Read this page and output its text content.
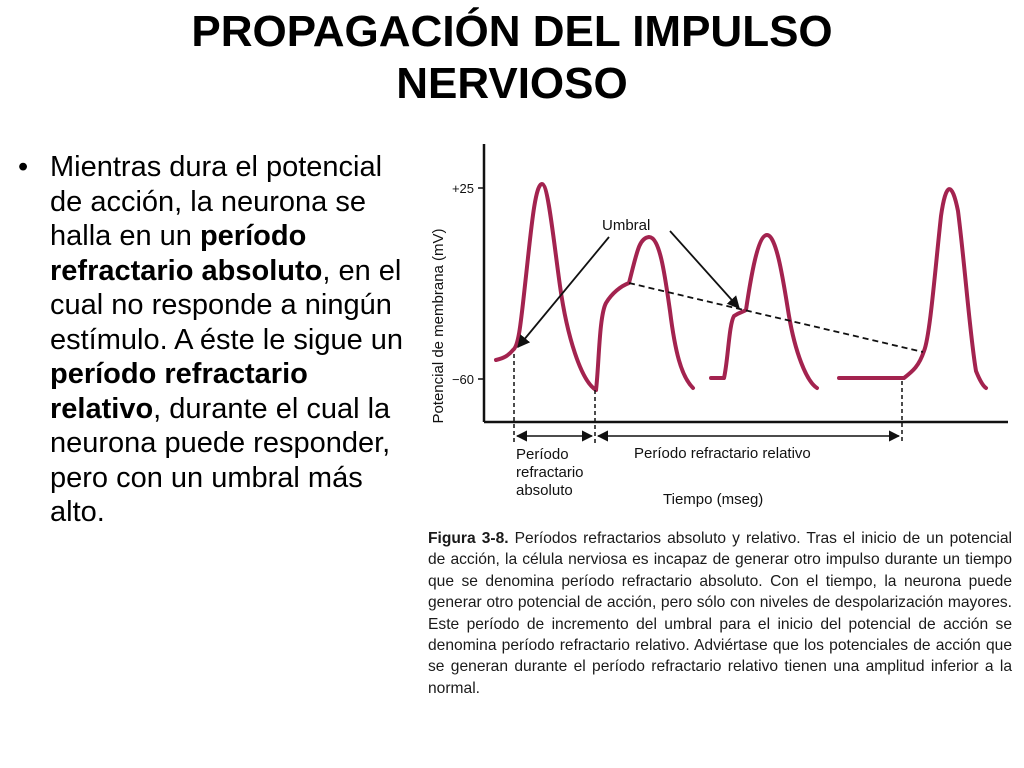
PROPAGACIÓN DEL IMPULSO
NERVIOSO
• Mientras dura el potencial de acción, la neurona se halla en un período refractario absoluto, en el cual no responde a ningún estímulo. A éste le sigue un período refractario relativo, durante el cual la neurona puede responder, pero con un umbral más alto.
+25
−60
Potencial de membrana (mV)
Umbral
Período
refractario
absoluto
Período refractario relativo
Tiempo (mseg)
Figura 3-8. Períodos refractarios absoluto y relativo. Tras el inicio de un potencial de acción, la célula nerviosa es incapaz de generar otro impulso durante un tiempo que se denomina período refractario absoluto. Con el tiempo, la neurona puede generar otro potencial de acción, pero sólo con niveles de despolarización mayores. Este período de incremento del umbral para el inicio del potencial de acción se denomina período refractario relativo. Adviértase que los potenciales de acción que se generan durante el período refractario relativo tienen una amplitud inferior a la normal.
